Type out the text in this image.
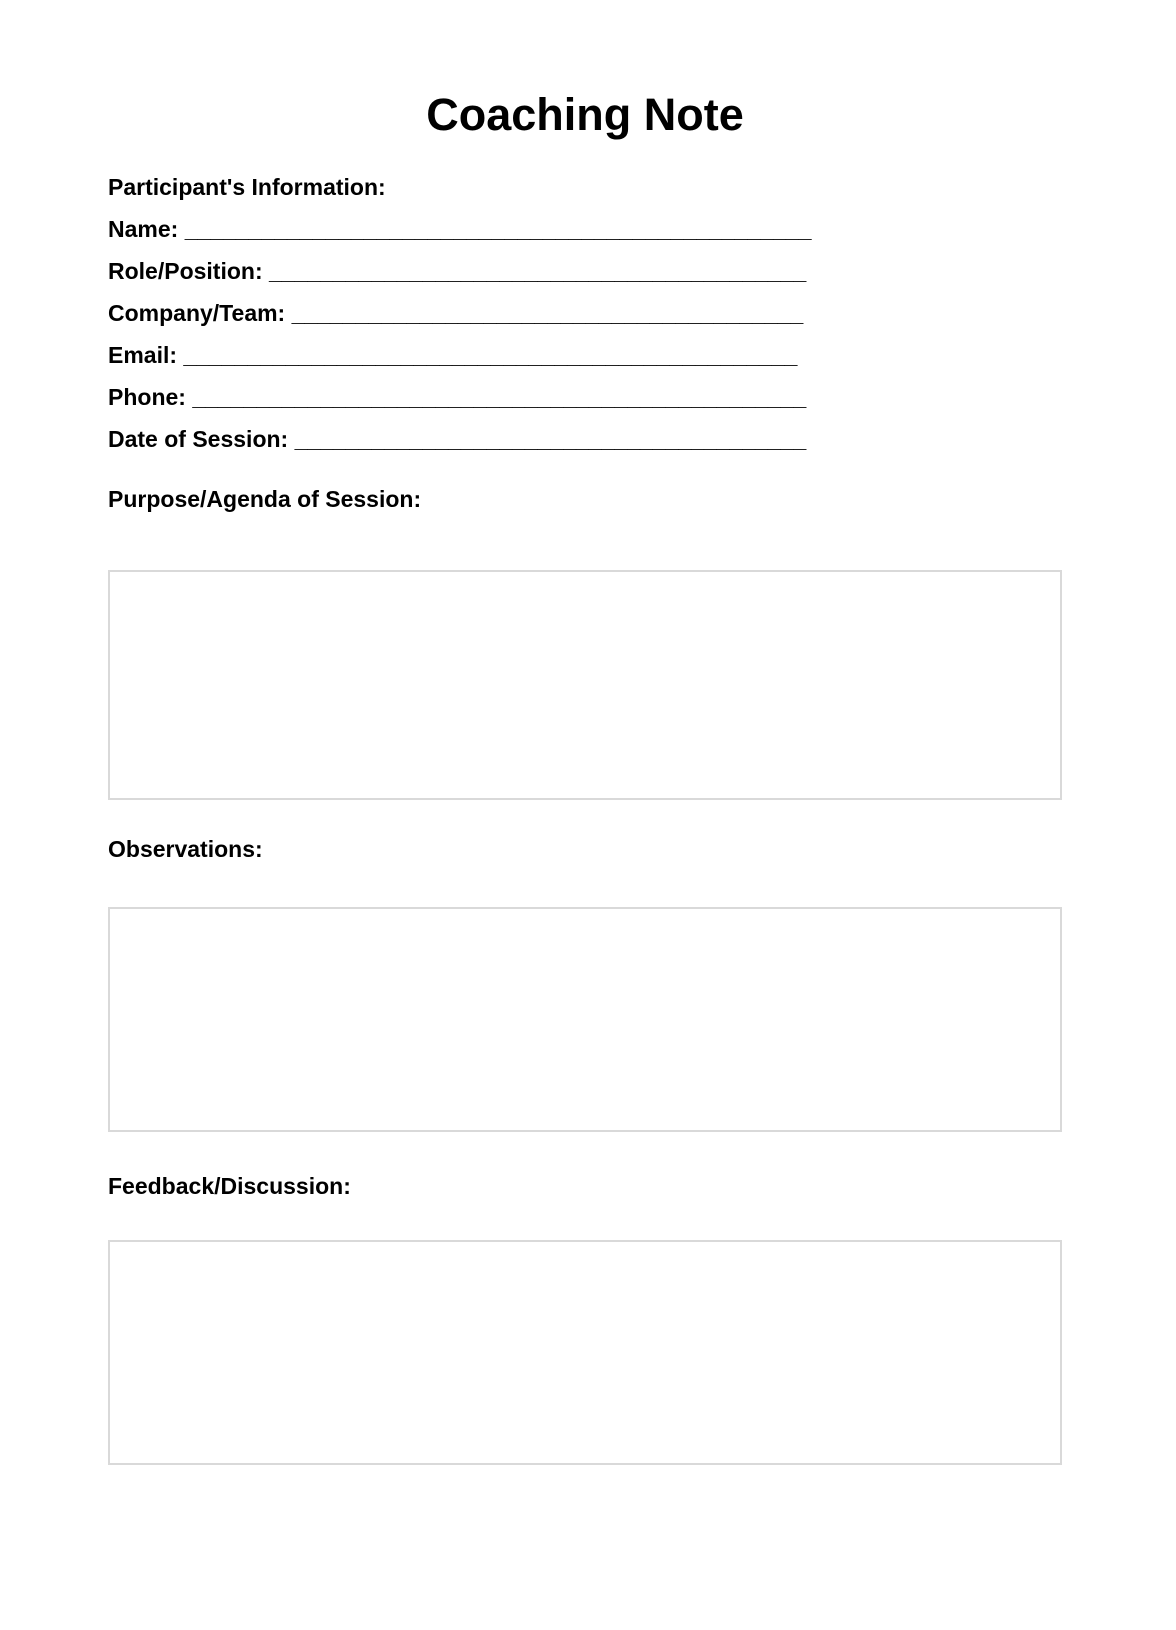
Coaching Note
Participant's Information:
Name: _________________________________________________
Role/Position: __________________________________________
Company/Team: ________________________________________
Email: ________________________________________________
Phone: ________________________________________________
Date of Session: ________________________________________
Purpose/Agenda of Session:
Observations:
Feedback/Discussion:
